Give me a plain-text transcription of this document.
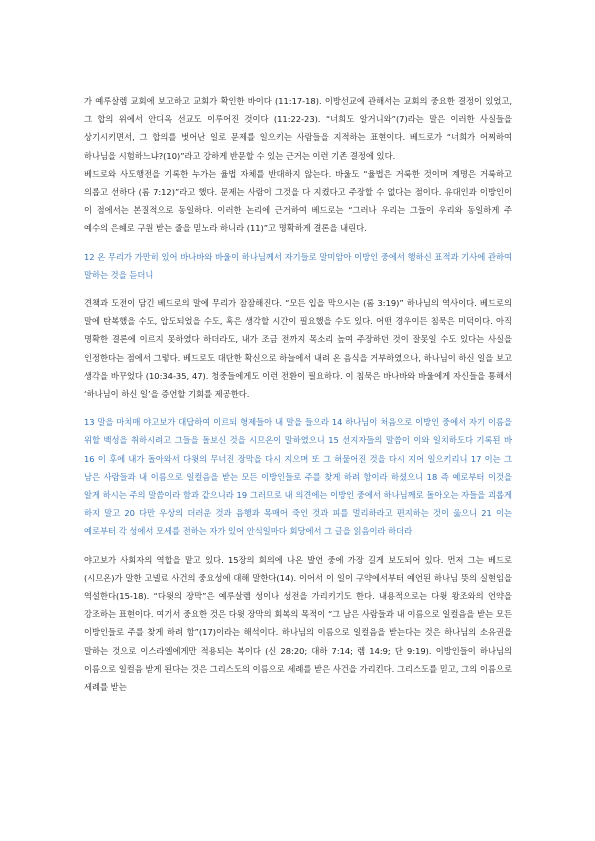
가 예루살렘 교회에 보고하고 교회가 확인한 바이다 (11:17-18). 이방선교에 관해서는 교회의 중요한 결정이 있었고, 그 합의 위에서 안디옥 선교도 이루어진 것이다 (11:22-23). “너희도 알거니와”(7)라는 말은 이러한 사실들을 상기시키면서, 그 합의를 벗어난 일로 문제를 일으키는 사람들을 지적하는 표현이다. 베드로가 “너희가 어찌하여 하나님을 시험하느냐?(10)”라고 강하게 반문할 수 있는 근거는 이런 기존 결정에 있다.

베드로와 사도행전을 기록한 누가는 율법 자체를 반대하지 않는다. 바울도 “율법은 거룩한 것이며 계명은 거룩하고 의롭고 선하다 (롬 7:12)”라고 했다. 문제는 사람이 그것을 다 지켰다고 주장할 수 없다는 점이다. 유대인과 이방인이 이 점에서는 본질적으로 동일하다. 이러한 논리에 근거하여 베드로는 “그러나 우리는 그들이 우리와 동일하게 주 예수의 은혜로 구원 받는 줄을 믿노라 하니라 (11)”고 명확하게 결론을 내린다.

12 온 무리가 가만히 있어 바나바와 바울이 하나님께서 자기들로 말미암아 이방인 중에서 행하신 표적과 기사에 관하여 말하는 것을 듣더니

견책과 도전이 담긴 베드로의 말에 무리가 잠잠해진다. “모든 입을 막으시는 (롬 3:19)” 하나님의 역사이다. 베드로의 말에 탄복했을 수도, 압도되었을 수도, 혹은 생각할 시간이 필요했을 수도 있다. 어떤 경우이든 침묵은 미덕이다. 아직 명확한 결론에 이르지 못하였다 하더라도, 내가 조금 전까지 목소리 높여 주장하던 것이 잘못일 수도 있다는 사실을 인정한다는 점에서 그렇다. 베드로도 대단한 확신으로 하늘에서 내려 온 음식을 거부하였으나, 하나님이 하신 일을 보고 생각을 바꾸었다 (10:34-35, 47). 청중들에게도 이런 전환이 필요하다. 이 침묵은 바나바와 바울에게 자신들을 통해서 ‘하나님이 하신 일’을 증언할 기회를 제공한다.

13 말을 마치매 야고보가 대답하여 이르되 형제들아 내 말을 들으라 14 하나님이 처음으로 이방인 중에서 자기 이름을 위할 백성을 취하시려고 그들을 돌보신 것을 시므온이 말하였으니 15 선지자들의 말씀이 이와 일치하도다 기록된 바 16 이 후에 내가 돌아와서 다윗의 무너진 장막을 다시 지으며 또 그 허물어진 것을 다시 지어 일으키리니 17 이는 그 남은 사람들과 내 이름으로 일컬음을 받는 모든 이방인들로 주를 찾게 하려 함이라 하셨으니 18 즉 예로부터 이것을 알게 하시는 주의 말씀이라 함과 같으니라 19 그러므로 내 의견에는 이방인 중에서 하나님께로 돌아오는 자들을 괴롭게 하지 말고 20 다만 우상의 더러운 것과 음행과 목매어 죽인 것과 피를 멀리하라고 편지하는 것이 옳으니 21 이는 예로부터 각 성에서 모세를 전하는 자가 있어 안식일마다 회당에서 그 글을 읽음이라 하더라

야고보가 사회자의 역할을 맡고 있다. 15장의 회의에 나온 발언 중에 가장 길게 보도되어 있다. 먼저 그는 베드로(시므온)가 말한 고넬료 사건의 중요성에 대해 말한다(14). 이어서 이 일이 구약에서부터 예언된 하나님 뜻의 실현임을 역설한다(15-18). “다윗의 장막”은 예루살렘 성이나 성전을 가리키기도 한다. 내용적으로는 다윗 왕조와의 언약을 강조하는 표현이다. 여기서 중요한 것은 다윗 장막의 회복의 목적이 “그 남은 사람들과 내 이름으로 일컬음을 받는 모든 이방인들로 주를 찾게 하려 함”(17)이라는 해석이다. 하나님의 이름으로 일컬음을 받는다는 것은 하나님의 소유권을 말하는 것으로 이스라엘에게만 적용되는 복이다 (신 28:20; 대하 7:14; 렘 14:9; 단 9:19). 이방인들이 하나님의 이름으로 일컬음 받게 된다는 것은 그리스도의 이름으로 세례를 받은 사건을 가리킨다. 그리스도를 믿고, 그의 이름으로 세례를 받는
